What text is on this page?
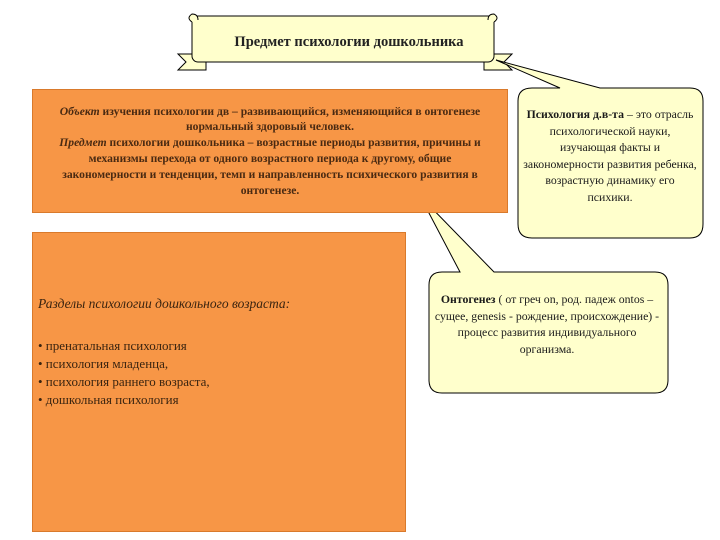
Предмет психологии дошкольника

Объект изучения психологии дв – развивающийся, изменяющийся в онтогенезе нормальный здоровый человек.
Предмет психологии дошкольника – возрастные периоды развития, причины и механизмы перехода от одного возрастного периода к другому, общие закономерности и тенденции, темп и направленность психического развития в онтогенезе.

Разделы психологии дошкольного возраста:
• пренатальная психология
• психология младенца,
• психология раннего возраста,
• дошкольная психология
Психология д.в-та – это отрасль психологической науки, изучающая факты и закономерности развития ребенка, возрастную динамику его психики.
Онтогенез ( от греч on, род. падеж ontos – сущее, genesis - рождение, происхождение) - процесс развития индивидуального организма.
